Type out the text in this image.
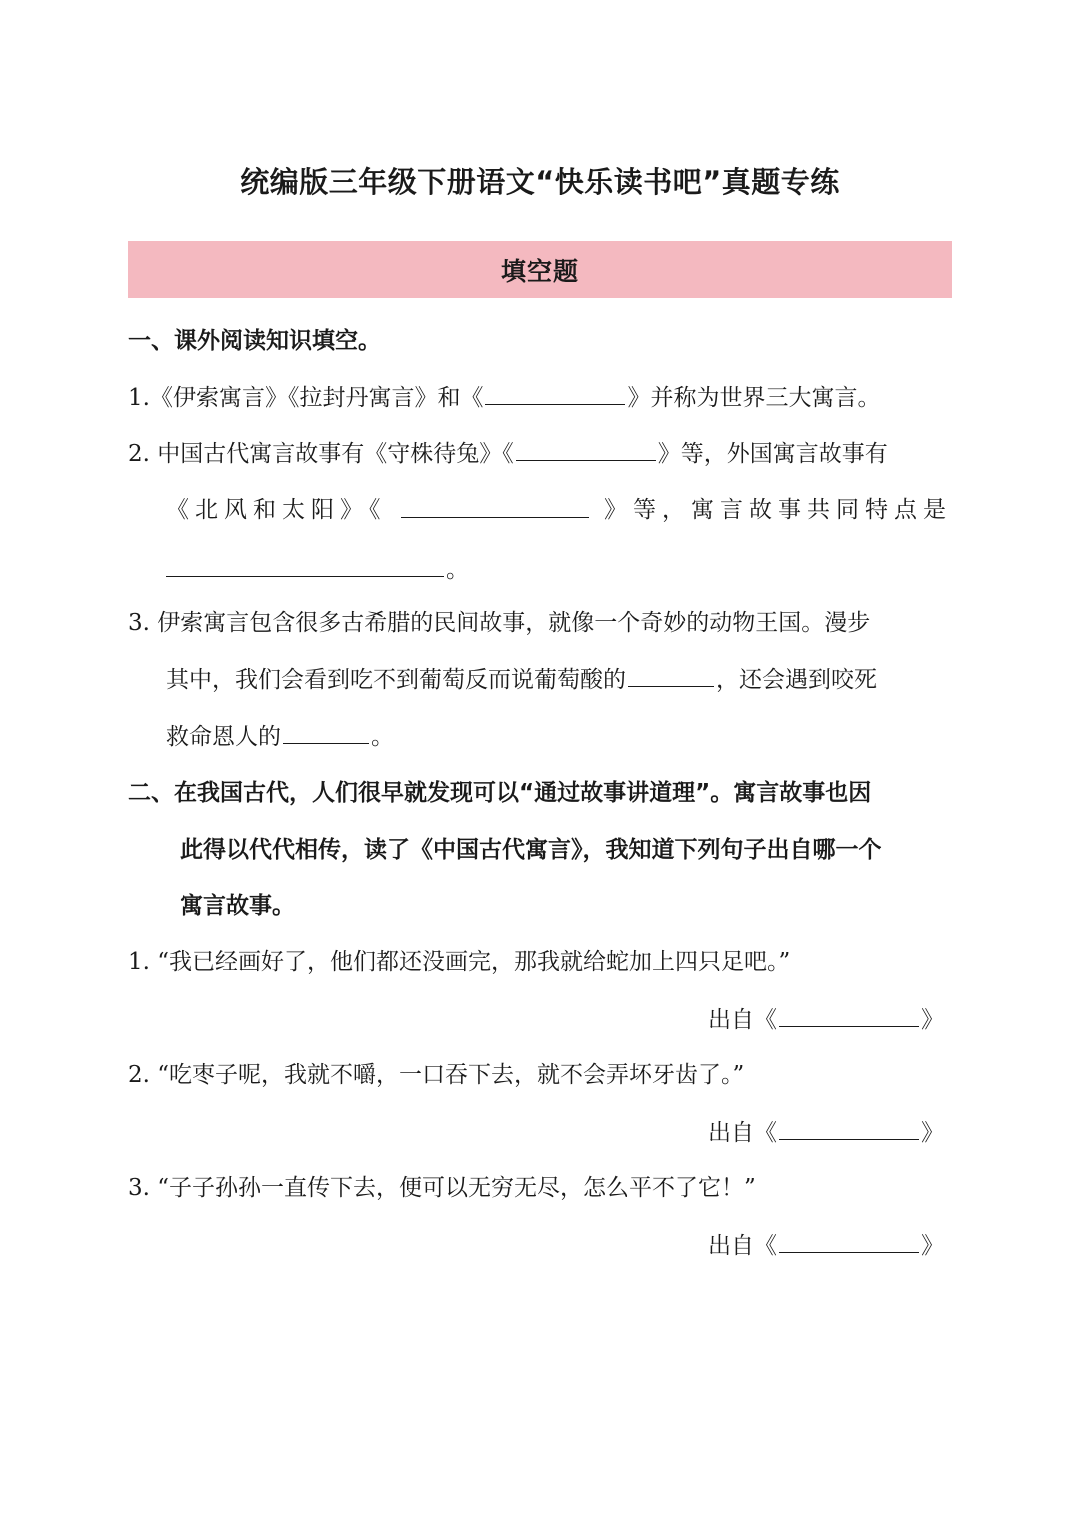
统编版三年级下册语文“快乐读书吧”真题专练
填空题
一、课外阅读知识填空。
1.《伊索寓言》《拉封丹寓言》和《	》并称为世界三大寓言。
2. 中国古代寓言故事有《守株待兔》《	》等，外国寓言故事有
《北风和太阳》《	》等，寓言故事共同特点是
。
3. 伊索寓言包含很多古希腊的民间故事，就像一个奇妙的动物王国。漫步
其中，我们会看到吃不到葡萄反而说葡萄酸的	，还会遇到咬死
救命恩人的	。
二、在我国古代，人们很早就发现可以“通过故事讲道理”。寓言故事也因
此得以代代相传，读了《中国古代寓言》，我知道下列句子出自哪一个
寓言故事。
1. “我已经画好了，他们都还没画完，那我就给蛇加上四只足吧。”
出自《	》
2. “吃枣子呢，我就不嚼，一口吞下去，就不会弄坏牙齿了。”
出自《	》
3. “子子孙孙一直传下去，便可以无穷无尽，怎么平不了它！”
出自《	》
